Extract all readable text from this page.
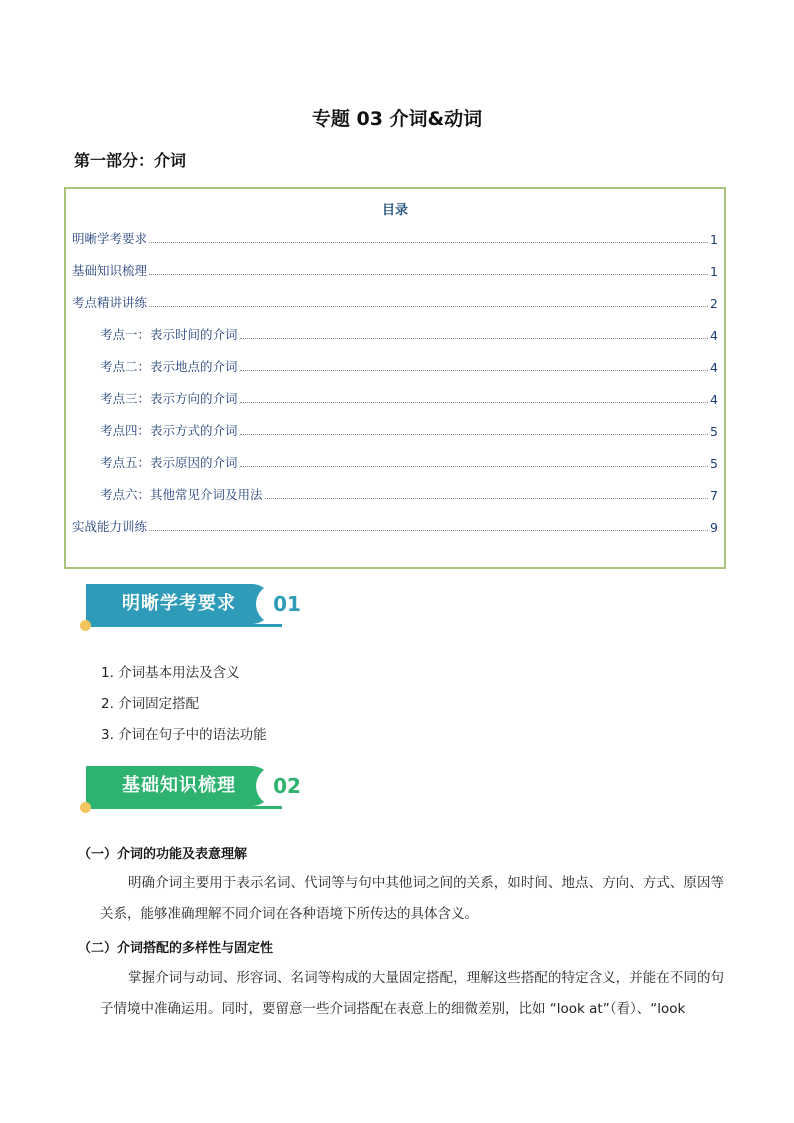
专题 03 介词&动词
第一部分：介词
目录
明晰学考要求	1
基础知识梳理	1
考点精讲讲练	2
考点一：表示时间的介词	4
考点二：表示地点的介词	4
考点三：表示方向的介词	4
考点四：表示方式的介词	5
考点五：表示原因的介词	5
考点六：其他常见介词及用法	7
实战能力训练	9
明晰学考要求	01
1. 介词基本用法及含义
2. 介词固定搭配
3. 介词在句子中的语法功能
基础知识梳理	02
（一）介词的功能及表意理解
明确介词主要用于表示名词、代词等与句中其他词之间的关系，如时间、地点、方向、方式、原因等关系，能够准确理解不同介词在各种语境下所传达的具体含义。
（二）介词搭配的多样性与固定性
掌握介词与动词、形容词、名词等构成的大量固定搭配，理解这些搭配的特定含义，并能在不同的句子情境中准确运用。同时，要留意一些介词搭配在表意上的细微差别，比如 “look at”（看）、“look
